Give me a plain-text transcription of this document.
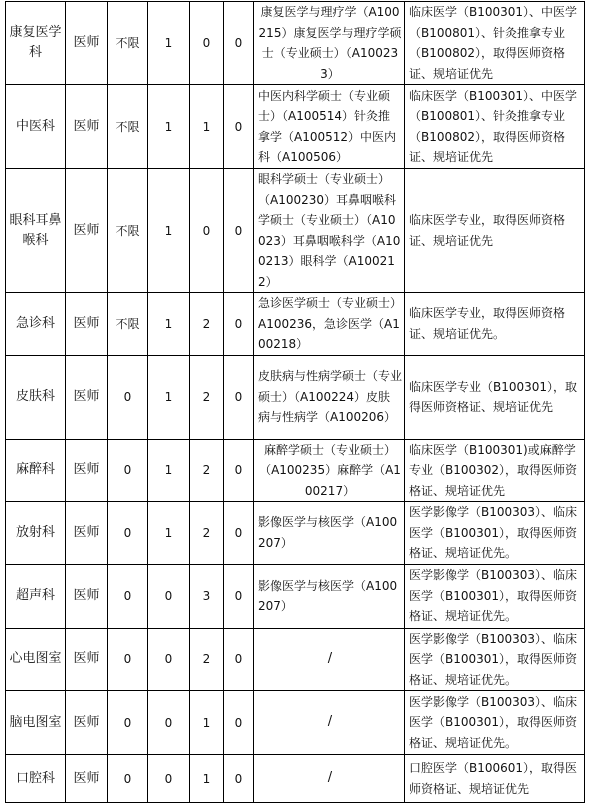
康复医学科	医师	不限	1	0	0	康复医学与理疗学（A100215）康复医学与理疗学硕士（专业硕士）（A100233）	临床医学（B100301）、中医学（B100801）、针灸推拿专业（B100802），取得医师资格证、规培证优先
中医科	医师	不限	1	1	0	中医内科学硕士（专业硕士）（A100514）针灸推拿学（A100512）中医内科（A100506）	临床医学（B100301）、中医学（B100801）、针灸推拿专业（B100802），取得医师资格证、规培证优先
眼科耳鼻喉科	医师	不限	1	0	0	眼科学硕士（专业硕士）（A100230）耳鼻咽喉科学硕士（专业硕士）（A10023）耳鼻咽喉科学（A100213）眼科学（A100212）	临床医学专业，取得医师资格证、规培证优先
急诊科	医师	不限	1	2	0	急诊医学硕士（专业硕士）A100236，急诊医学（A100218）	临床医学专业，取得医师资格证、规培证优先。
皮肤科	医师	0	1	2	0	皮肤病与性病学硕士（专业硕士）（A100224）皮肤病与性病学（A100206）	临床医学专业（B100301），取得医师资格证、规培证优先
麻醉科	医师	0	1	2	0	麻醉学硕士（专业硕士）（A100235）麻醉学（A100217）	临床医学（B100301)或麻醉学专业（B100302），取得医师资格证、规培证优先
放射科	医师	0	1	2	0	影像医学与核医学（A100207）	医学影像学（B100303）、临床医学（B100301），取得医师资格证、规培证优先。
超声科	医师	0	0	3	0	影像医学与核医学（A100207）	医学影像学（B100303）、临床医学（B100301），取得医师资格证、规培证优先。
心电图室	医师	0	0	2	0	/	医学影像学（B100303）、临床医学（B100301），取得医师资格证、规培证优先。
脑电图室	医师	0	0	1	0	/	医学影像学（B100303）、临床医学（B100301），取得医师资格证、规培证优先。
口腔科	医师	0	0	1	0	/	口腔医学（B100601），取得医师资格证、规培证优先
